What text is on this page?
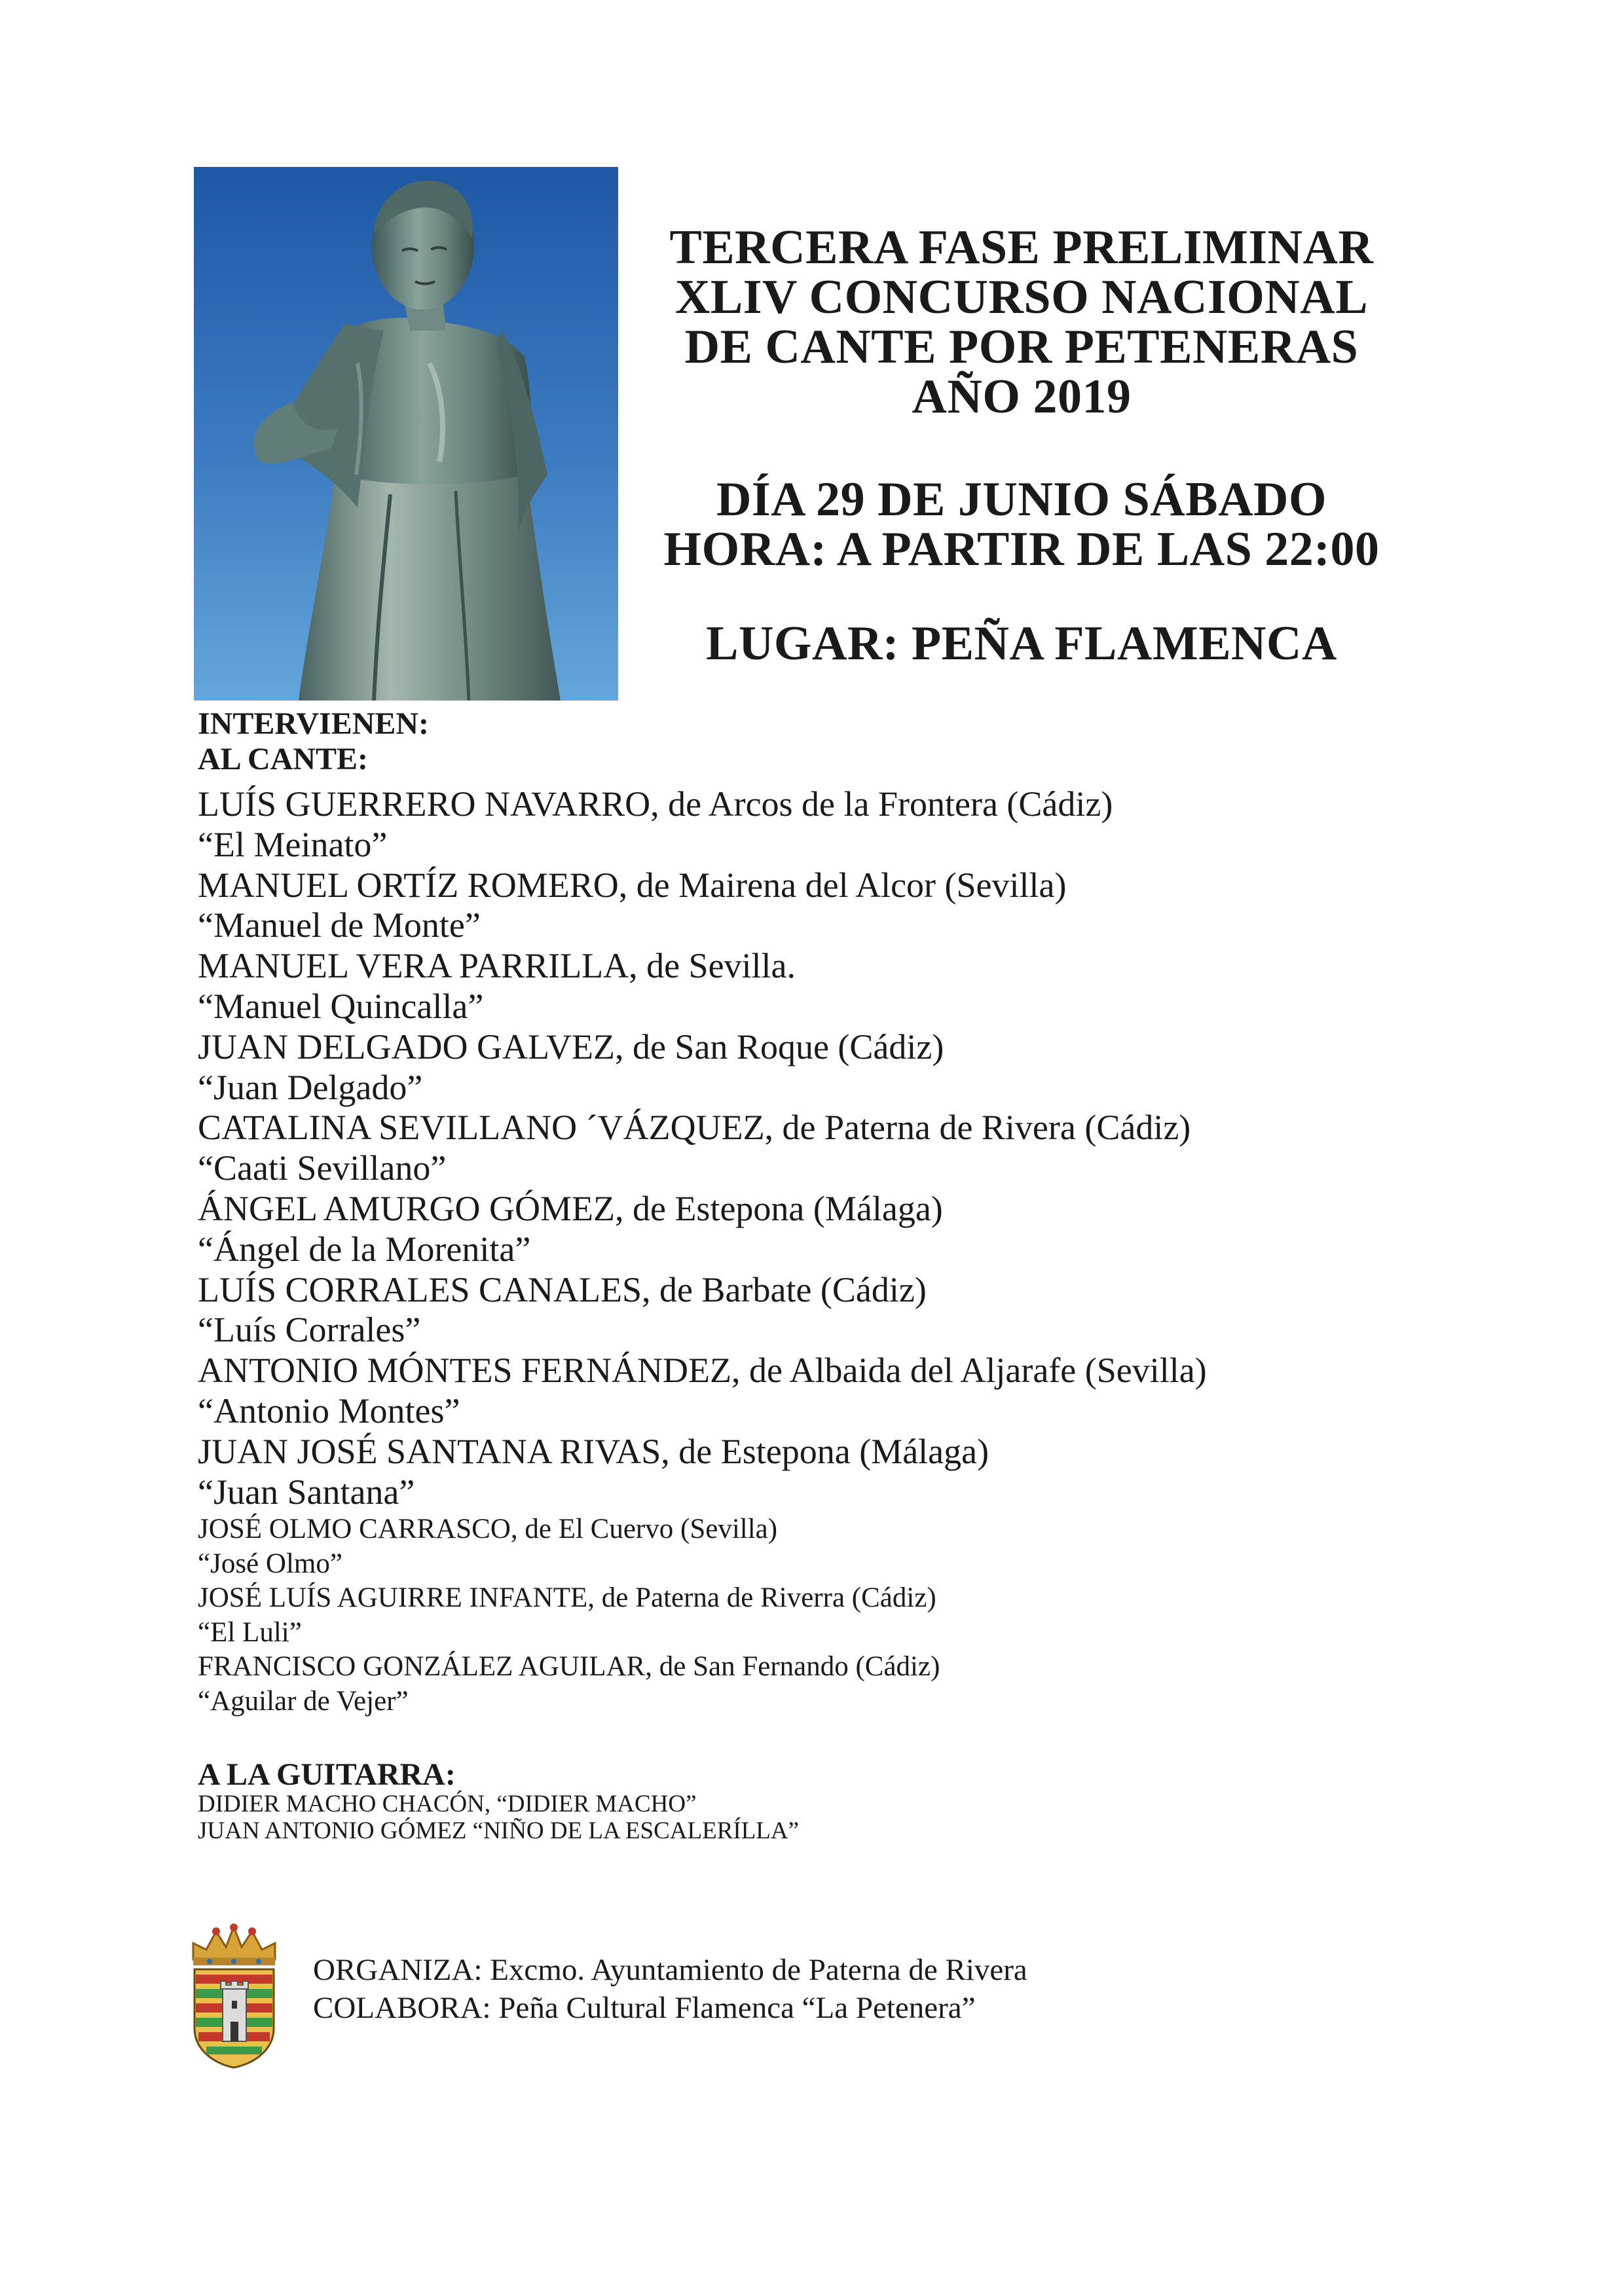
TERCERA FASE PRELIMINAR
XLIV CONCURSO NACIONAL
DE CANTE POR PETENERAS
AÑO 2019
DÍA 29 DE JUNIO SÁBADO
HORA: A PARTIR DE LAS 22:00
LUGAR: PEÑA FLAMENCA
INTERVIENEN:
AL CANTE:
LUÍS GUERRERO NAVARRO, de Arcos de la Frontera (Cádiz)
“El Meinato”
MANUEL ORTÍZ ROMERO, de Mairena del Alcor (Sevilla)
“Manuel de Monte”
MANUEL VERA PARRILLA, de Sevilla.
“Manuel Quincalla”
JUAN DELGADO GALVEZ, de San Roque (Cádiz)
“Juan Delgado”
CATALINA SEVILLANO ´VÁZQUEZ, de Paterna de Rivera (Cádiz)
“Caati Sevillano”
ÁNGEL AMURGO GÓMEZ, de Estepona (Málaga)
“Ángel de la Morenita”
LUÍS CORRALES CANALES, de Barbate (Cádiz)
“Luís Corrales”
ANTONIO MÓNTES FERNÁNDEZ, de Albaida del Aljarafe (Sevilla)
“Antonio Montes”
JUAN JOSÉ SANTANA RIVAS, de Estepona (Málaga)
“Juan Santana”
JOSÉ OLMO CARRASCO, de El Cuervo (Sevilla)
“José Olmo”
JOSÉ LUÍS AGUIRRE INFANTE, de Paterna de Riverra (Cádiz)
“El Luli”
FRANCISCO GONZÁLEZ AGUILAR, de San Fernando (Cádiz)
“Aguilar de Vejer”
A LA GUITARRA:
DIDIER MACHO CHACÓN, “DIDIER MACHO”
JUAN ANTONIO GÓMEZ “NIÑO DE LA ESCALERÍLLA”
ORGANIZA: Excmo. Ayuntamiento de Paterna de Rivera
COLABORA: Peña Cultural Flamenca “La Petenera”
